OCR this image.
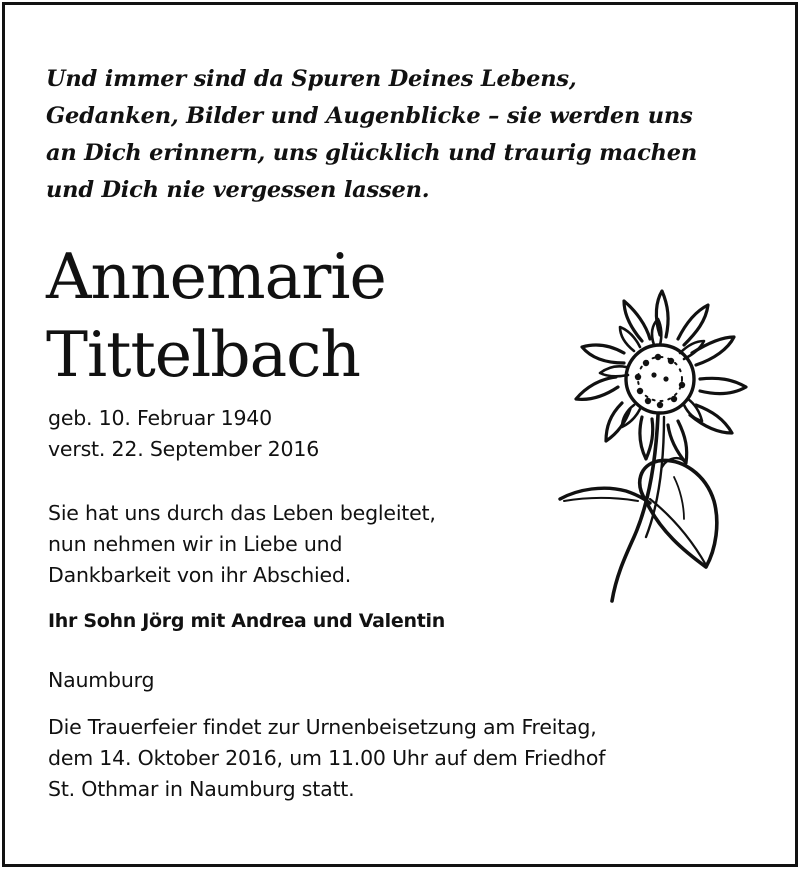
Und immer sind da Spuren Deines Lebens,
Gedanken, Bilder und Augenblicke – sie werden uns
an Dich erinnern, uns glücklich und traurig machen
und Dich nie vergessen lassen.
Annemarie
Tittelbach
geb. 10. Februar 1940
verst. 22. September 2016
Sie hat uns durch das Leben begleitet,
nun nehmen wir in Liebe und
Dankbarkeit von ihr Abschied.
Ihr Sohn Jörg mit Andrea und Valentin
Naumburg
Die Trauerfeier findet zur Urnenbeisetzung am Freitag,
dem 14. Oktober 2016, um 11.00 Uhr auf dem Friedhof
St. Othmar in Naumburg statt.
